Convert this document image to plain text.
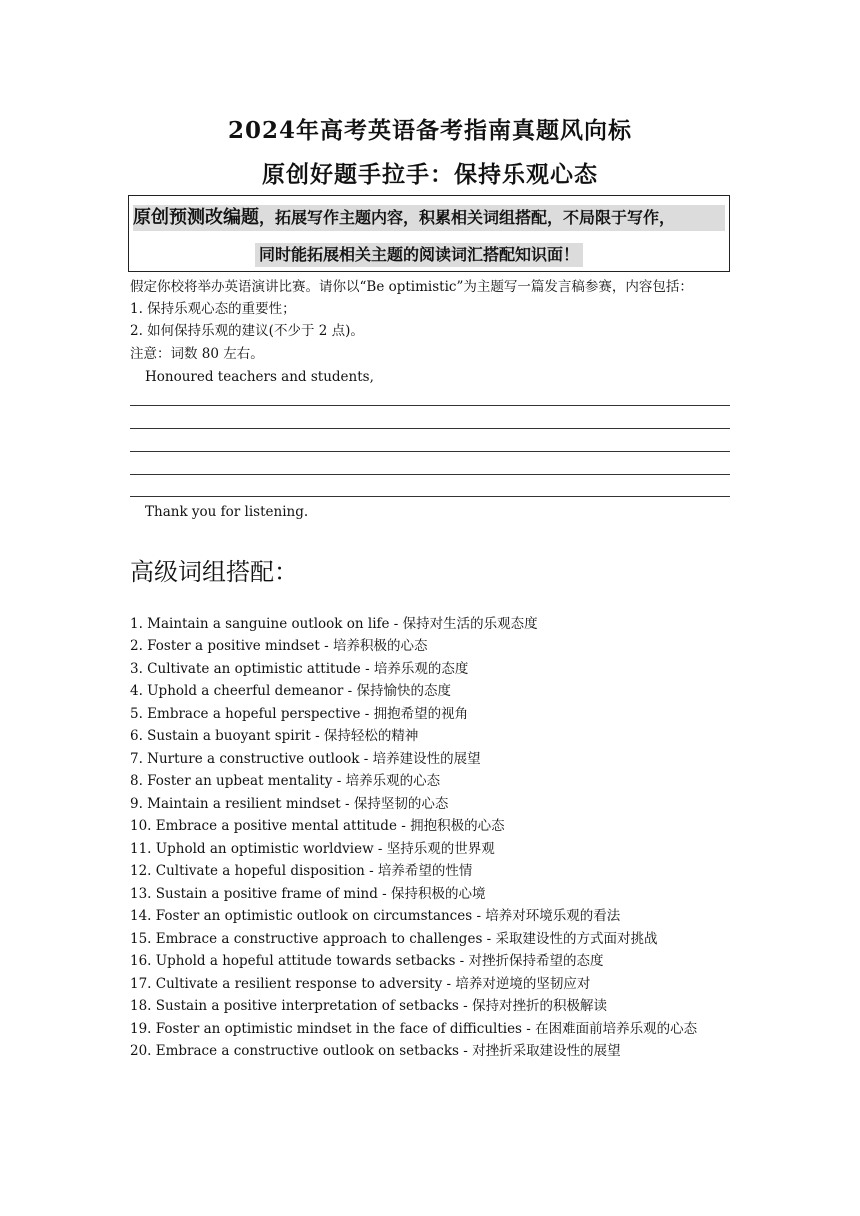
2024年高考英语备考指南真题风向标
原创好题手拉手：保持乐观心态
原创预测改编题，拓展写作主题内容，积累相关词组搭配，不局限于写作，
同时能拓展相关主题的阅读词汇搭配知识面！
假定你校将举办英语演讲比赛。请你以“Be optimistic”为主题写一篇发言稿参赛，内容包括：
1. 保持乐观心态的重要性；
2. 如何保持乐观的建议(不少于 2 点)。
注意：词数 80 左右。
Honoured teachers and students,
Thank you for listening.
高级词组搭配：
1. Maintain a sanguine outlook on life - 保持对生活的乐观态度
2. Foster a positive mindset - 培养积极的心态
3. Cultivate an optimistic attitude - 培养乐观的态度
4. Uphold a cheerful demeanor - 保持愉快的态度
5. Embrace a hopeful perspective - 拥抱希望的视角
6. Sustain a buoyant spirit - 保持轻松的精神
7. Nurture a constructive outlook - 培养建设性的展望
8. Foster an upbeat mentality - 培养乐观的心态
9. Maintain a resilient mindset - 保持坚韧的心态
10. Embrace a positive mental attitude - 拥抱积极的心态
11. Uphold an optimistic worldview - 坚持乐观的世界观
12. Cultivate a hopeful disposition - 培养希望的性情
13. Sustain a positive frame of mind - 保持积极的心境
14. Foster an optimistic outlook on circumstances - 培养对环境乐观的看法
15. Embrace a constructive approach to challenges - 采取建设性的方式面对挑战
16. Uphold a hopeful attitude towards setbacks - 对挫折保持希望的态度
17. Cultivate a resilient response to adversity - 培养对逆境的坚韧应对
18. Sustain a positive interpretation of setbacks - 保持对挫折的积极解读
19. Foster an optimistic mindset in the face of difficulties - 在困难面前培养乐观的心态
20. Embrace a constructive outlook on setbacks - 对挫折采取建设性的展望
